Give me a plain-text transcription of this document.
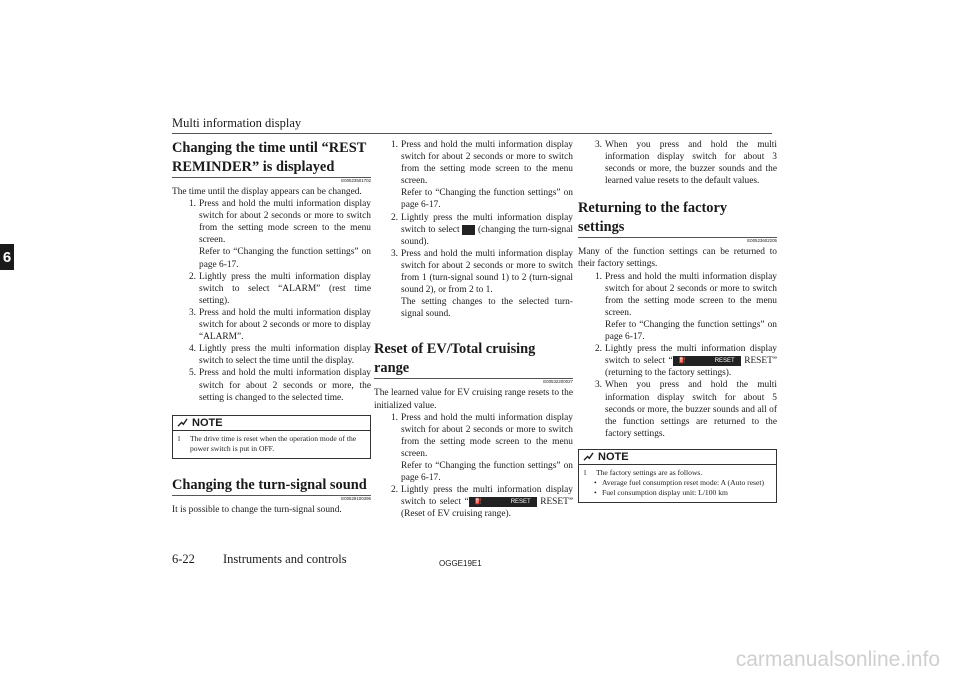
Multi information display
6
Changing the time until “REST REMINDER” is displayed
E00523501702

The time until the display appears can be changed.

1. Press and hold the multi information display switch for about 2 seconds or more to switch from the setting mode screen to the menu screen.
Refer to “Changing the function settings” on page 6-17.
2. Lightly press the multi information display switch to select “ALARM” (rest time setting).
3. Press and hold the multi information display switch for about 2 seconds or more to display “ALARM”.
4. Lightly press the multi information display switch to select the time until the display.
5. Press and hold the multi information display switch for about 2 seconds or more, the setting is changed to the selected time.
NOTE
l	The drive time is reset when the operation mode of the power switch is put in OFF.
Changing the turn-signal sound
E00529100396

It is possible to change the turn-signal sound.

1. Press and hold the multi information display switch for about 2 seconds or more to switch from the setting mode screen to the menu screen.
Refer to “Changing the function settings” on page 6-17.
2. Lightly press the multi information display switch to select (changing the turn-signal sound).
3. Press and hold the multi information display switch for about 2 seconds or more to switch from 1 (turn-signal sound 1) to 2 (turn-signal sound 2), or from 2 to 1.
The setting changes to the selected turn-signal sound.
Reset of EV/Total cruising range
E00532200027

The learned value for EV cruising range resets to the initialized value.

1. Press and hold the multi information display switch for about 2 seconds or more to switch from the setting mode screen to the menu screen.
Refer to “Changing the function settings” on page 6-17.
2. Lightly press the multi information display switch to select “ ⛽	RESET RESET” (Reset of EV cruising range).
3. When you press and hold the multi information display switch for about 3 seconds or more, the buzzer sounds and the learned value resets to the default values.
Returning to the factory settings
E00523602205

Many of the function settings can be returned to their factory settings.

1. Press and hold the multi information display switch for about 2 seconds or more to switch from the setting mode screen to the menu screen.
Refer to “Changing the function settings” on page 6-17.
2. Lightly press the multi information display switch to select “ ⛽	RESET RESET” (returning to the factory settings).
3. When you press and hold the multi information display switch for about 5 seconds or more, the buzzer sounds and all of the function settings are returned to the factory settings.
NOTE
l	The factory settings are as follows.
• Average fuel consumption reset mode: A (Auto reset)
• Fuel consumption display unit: L/100 km
6-22 Instruments and controls	OGGE19E1
carmanualsonline.info
